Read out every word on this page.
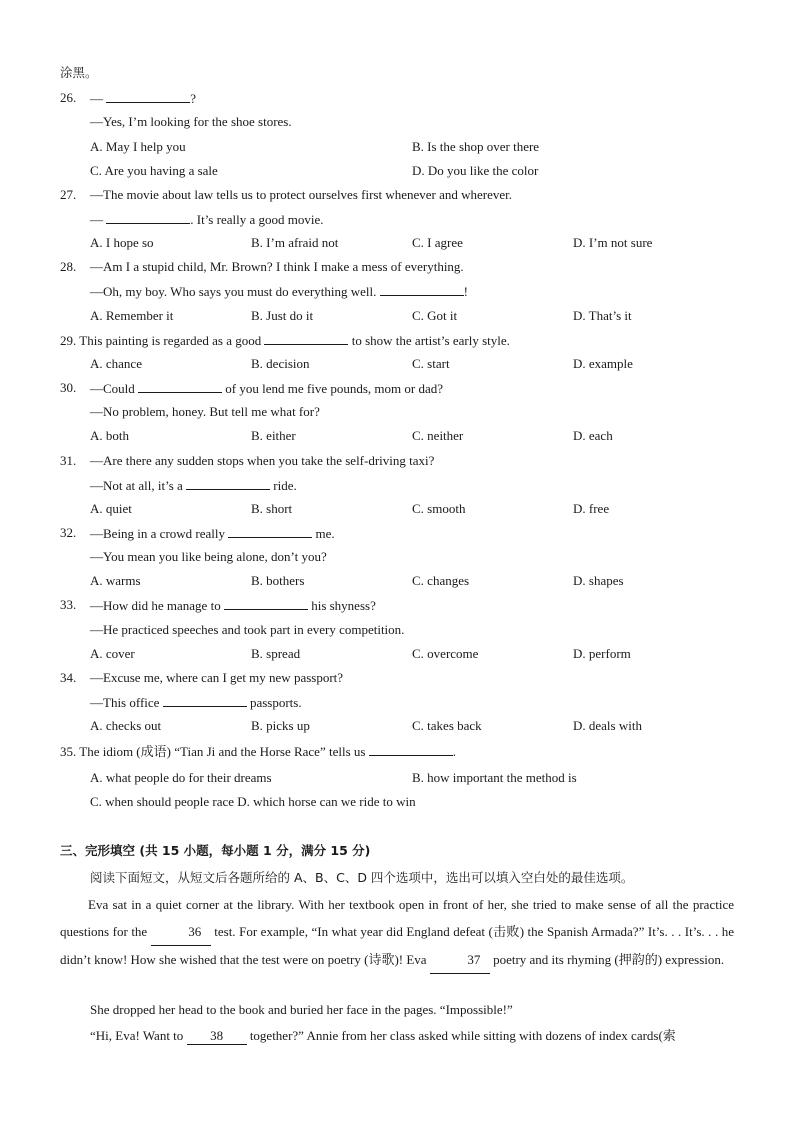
涂黑。
26. —	?
—Yes, I’m looking for the shoe stores.
A. May I help you	B. Is the shop over there
C. Are you having a sale	D. Do you like the color
27. —The movie about law tells us to protect ourselves first whenever and wherever.
—	. It’s really a good movie.
A. I hope so	B. I’m afraid not	C. I agree	D. I’m not sure
28. —Am I a stupid child, Mr. Brown? I think I make a mess of everything.
—Oh, my boy. Who says you must do everything well.	!
A. Remember it	B. Just do it	C. Got it	D. That’s it
29. This painting is regarded as a good	to show the artist’s early style.
A. chance	B. decision	C. start	D. example
30. —Could	of you lend me five pounds, mom or dad?
—No problem, honey. But tell me what for?
A. both	B. either	C. neither	D. each
31. —Are there any sudden stops when you take the self-driving taxi?
—Not at all, it’s a	ride.
A. quiet	B. short	C. smooth	D. free
32. —Being in a crowd really	me.
—You mean you like being alone, don’t you?
A. warms	B. bothers	C. changes	D. shapes
33. —How did he manage to	his shyness?
—He practiced speeches and took part in every competition.
A. cover	B. spread	C. overcome	D. perform
34. —Excuse me, where can I get my new passport?
—This office	passports.
A. checks out	B. picks up	C. takes back	D. deals with
35. The idiom (成语) “Tian Ji and the Horse Race” tells us	.
A. what people do for their dreams	B. how important the method is
C. when should people race D. which horse can we ride to win
三、完形填空 (共 15 小题，每小题 1 分，满分 15 分)
阅读下面短文，从短文后各题所给的 A、B、C、D 四个选项中，选出可以填入空白处的最佳选项。
Eva sat in a quiet corner at the library. With her textbook open in front of her, she tried to make sense of all the practice questions for the	36 test. For example, “In what year did England defeat (击败) the Spanish Armada?” It’s. . . It’s. . . he didn’t know! How she wished that the test were on poetry (诗歌)! Eva	37 poetry and its rhyming (押韵的) expression.
She dropped her head to the book and buried her face in the pages. “Impossible!”
“Hi, Eva! Want to 38 together?” Annie from her class asked while sitting with dozens of index cards(索
